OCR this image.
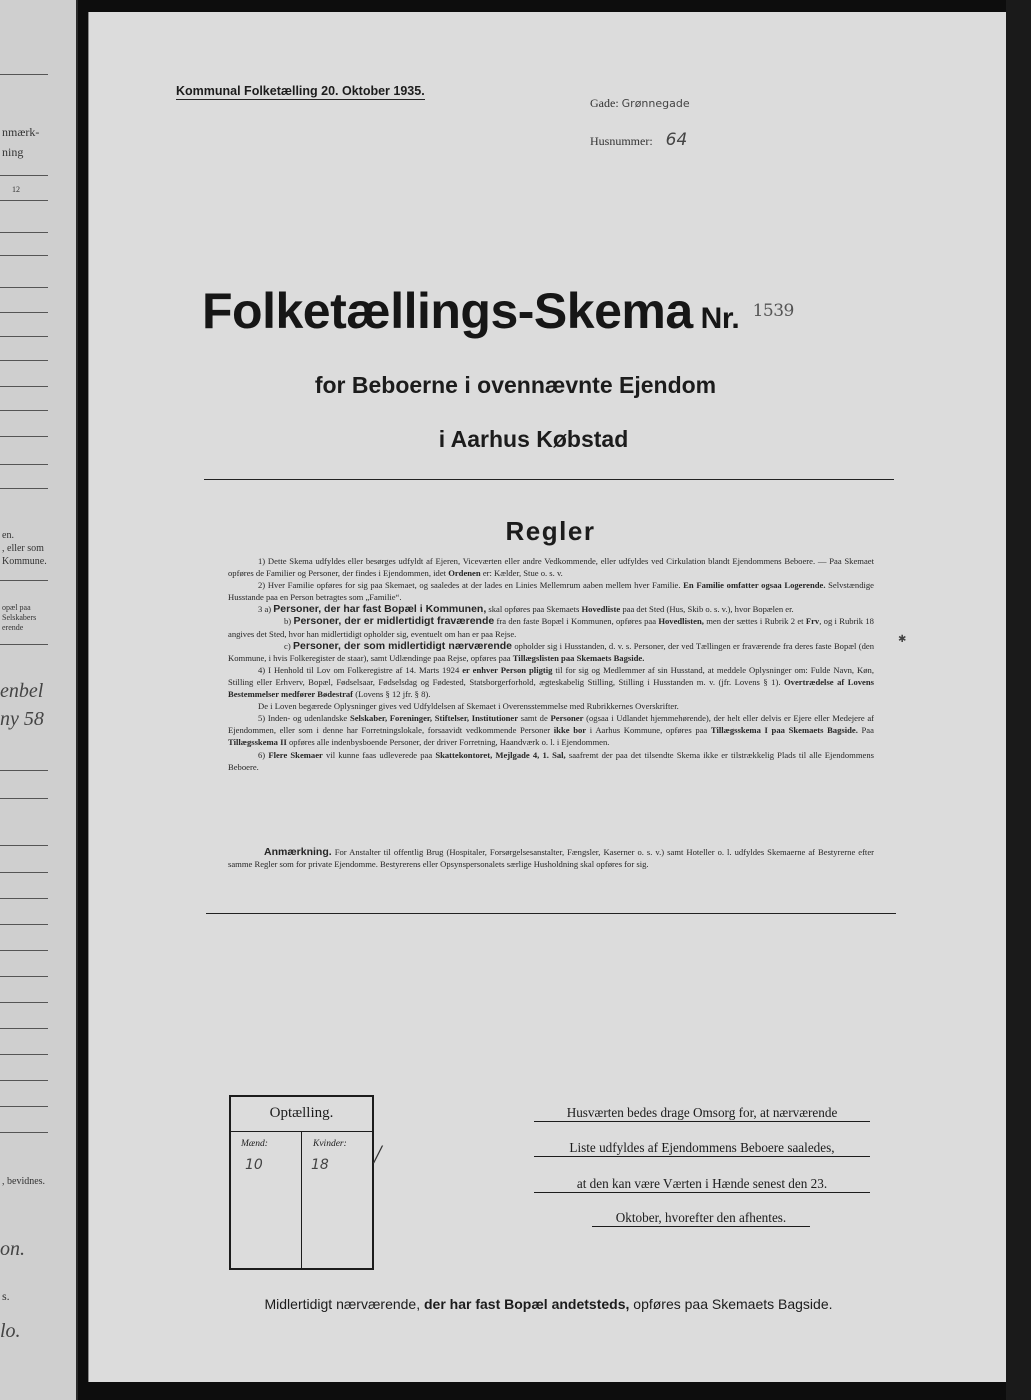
nmærk-
ning
12
en.
, eller som
Kommune.
opæl paa
Selskabers
erende
enbel
ny 58
, bevidnes.
on.
s.
lo.
Kommunal Folketælling 20. Oktober 1935.
Gade: Grønnegade
Husnummer: 64
Folketællings-Skema Nr. $^{1539}$
for Beboerne i ovennævnte Ejendom
i Aarhus Købstad
Regler

1) Dette Skema udfyldes eller besørges udfyldt af Ejeren, Viceværten eller andre Vedkommende, eller udfyldes ved Cirkulation blandt Ejendommens Beboere. — Paa Skemaet opføres de Familier og Personer, der findes i Ejendommen, idet Ordenen er: Kælder, Stue o. s. v.

2) Hver Familie opføres for sig paa Skemaet, og saaledes at der lades en Linies Mellemrum aaben mellem hver Familie. En Familie omfatter ogsaa Logerende. Selvstændige Husstande paa en Person betragtes som „Familie“.

3 a) Personer, der har fast Bopæl i Kommunen, skal opføres paa Skemaets Hovedliste paa det Sted (Hus, Skib o. s. v.), hvor Bopælen er.

b) Personer, der er midlertidigt fraværende fra den faste Bopæl i Kommunen, opføres paa Hovedlisten, men der sættes i Rubrik 2 et Frv, og i Rubrik 18 angives det Sted, hvor han midlertidigt opholder sig, eventuelt om han er paa Rejse.

c) Personer, der som midlertidigt nærværende opholder sig i Husstanden, d. v. s. Personer, der ved Tællingen er fraværende fra deres faste Bopæl (den Kommune, i hvis Folkeregister de staar), samt Udlændinge paa Rejse, opføres paa Tillægslisten paa Skemaets Bagside.

4) I Henhold til Lov om Folkeregistre af 14. Marts 1924 er enhver Person pligtig til for sig og Medlemmer af sin Husstand, at meddele Oplysninger om: Fulde Navn, Køn, Stilling eller Erhverv, Bopæl, Fødselsaar, Fødselsdag og Fødested, Statsborgerforhold, ægteskabelig Stilling, Stilling i Husstanden m. v. (jfr. Lovens § 1). Overtrædelse af Lovens Bestemmelser medfører Bødestraf (Lovens § 12 jfr. § 8).

De i Loven begærede Oplysninger gives ved Udfyldelsen af Skemaet i Overensstemmelse med Rubrikkernes Overskrifter.

5) Inden- og udenlandske Selskaber, Foreninger, Stiftelser, Institutioner samt de Personer (ogsaa i Udlandet hjemmehørende), der helt eller delvis er Ejere eller Medejere af Ejendommen, eller som i denne har Forretningslokale, forsaavidt vedkommende Personer ikke bor i Aarhus Kommune, opføres paa Tillægsskema I paa Skemaets Bagside. Paa Tillægsskema II opføres alle indenbysboende Personer, der driver Forretning, Haandværk o. l. i Ejendommen.

6) Flere Skemaer vil kunne faas udleverede paa Skattekontoret, Mejlgade 4, 1. Sal, saafremt der paa det tilsendte Skema ikke er tilstrækkelig Plads til alle Ejendommens Beboere.

✱

Anmærkning. For Anstalter til offentlig Brug (Hospitaler, Forsørgelsesanstalter, Fængsler, Kaserner o. s. v.) samt Hoteller o. l. udfyldes Skemaerne af Bestyrerne efter samme Regler som for private Ejendomme. Bestyrerens eller Opsynspersonalets særlige Husholdning skal opføres for sig.

Optælling.
Mænd:	Kvinder:
10	18 /
Husværten bedes drage Omsorg for, at nærværende
Liste udfyldes af Ejendommens Beboere saaledes,
at den kan være Værten i Hænde senest den 23.
Oktober, hvorefter den afhentes.
Midlertidigt nærværende, der har fast Bopæl andetsteds, opføres paa Skemaets Bagside.
